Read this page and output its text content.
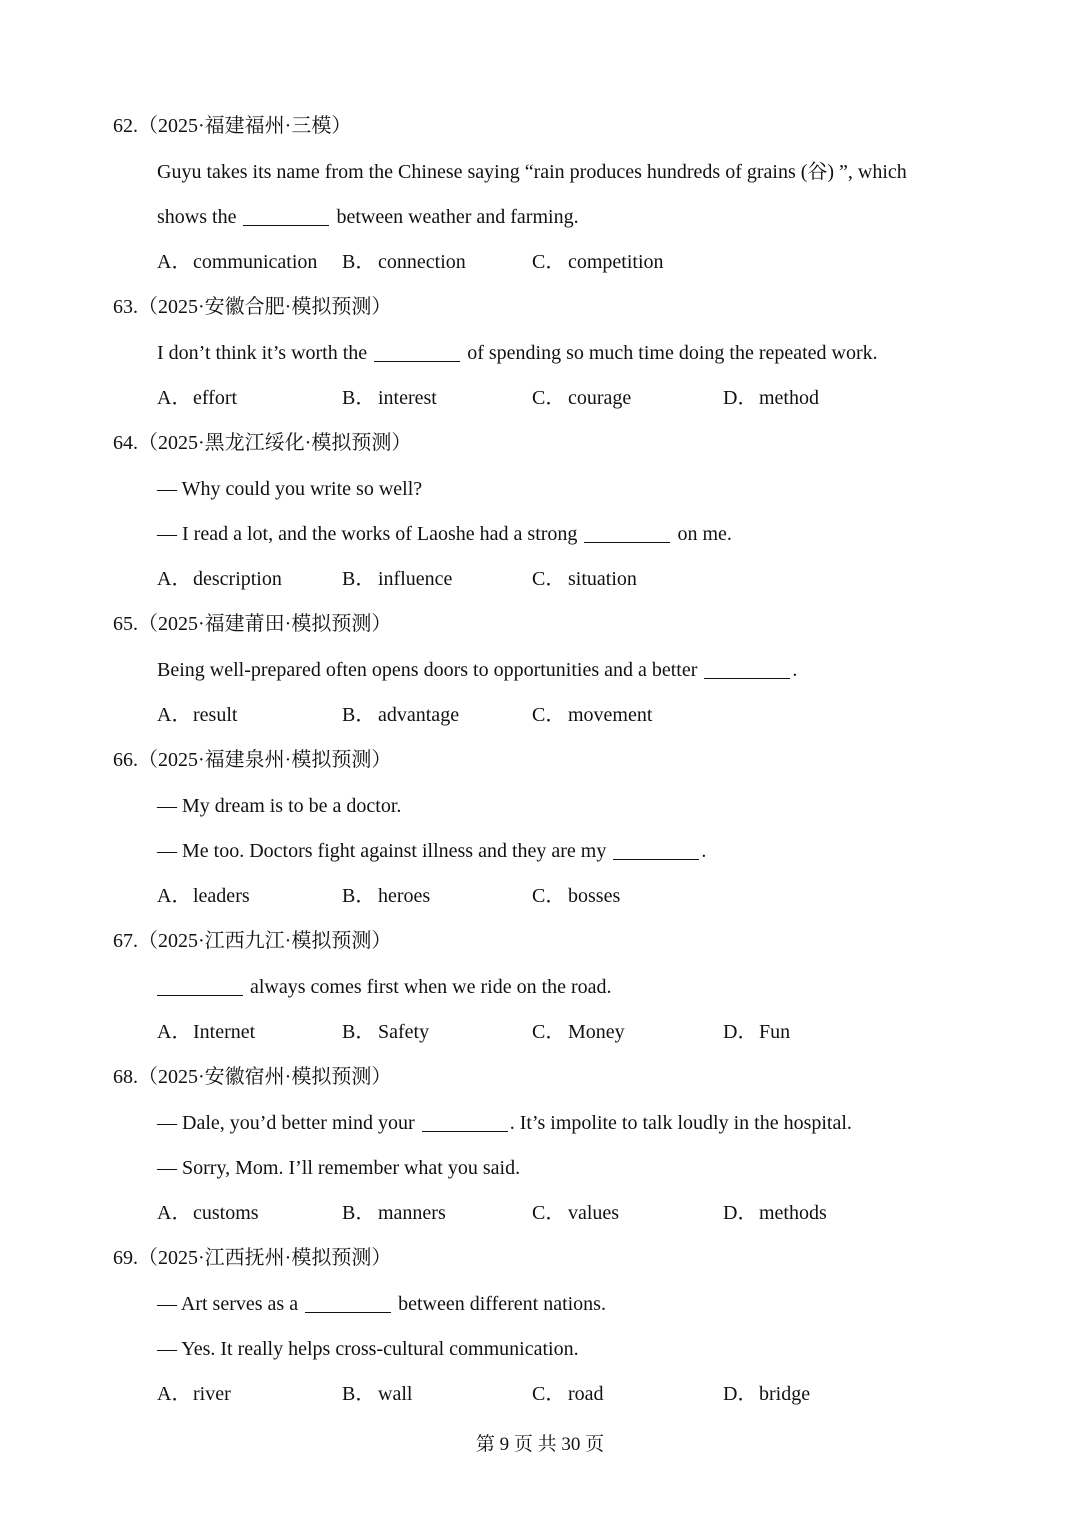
62.（2025·福建福州·三模）
Guyu takes its name from the Chinese saying “rain produces hundreds of grains (谷) ”, which
shows the	between weather and farming.
A．communication B． connection	C． competition
63.（2025·安徽合肥·模拟预测）
I don’t think it’s worth the	of spending so much time doing the repeated work.
A．effort	B． interest	C． courage	D．method
64.（2025·黑龙江绥化·模拟预测）
— Why could you write so well?
— I read a lot, and the works of Laoshe had a strong	on me.
A．description	B． influence	C． situation
65.（2025·福建莆田·模拟预测）
Being well-prepared often opens doors to opportunities and a better	.
A．result	B． advantage	C． movement
66.（2025·福建泉州·模拟预测）
— My dream is to be a doctor.
— Me too. Doctors fight against illness and they are my	.
A．leaders	B． heroes	C． bosses
67.（2025·江西九江·模拟预测）
always comes first when we ride on the road.
A．Internet	B． Safety	C． Money	D．Fun
68.（2025·安徽宿州·模拟预测）
— Dale, you’d better mind your	. It’s impolite to talk loudly in the hospital.
— Sorry, Mom. I’ll remember what you said.
A．customs	B． manners	C． values	D．methods
69.（2025·江西抚州·模拟预测）
— Art serves as a	between different nations.
— Yes. It really helps cross-cultural communication.
A．river	B． wall	C． road	D．bridge
第 9 页 共 30 页
